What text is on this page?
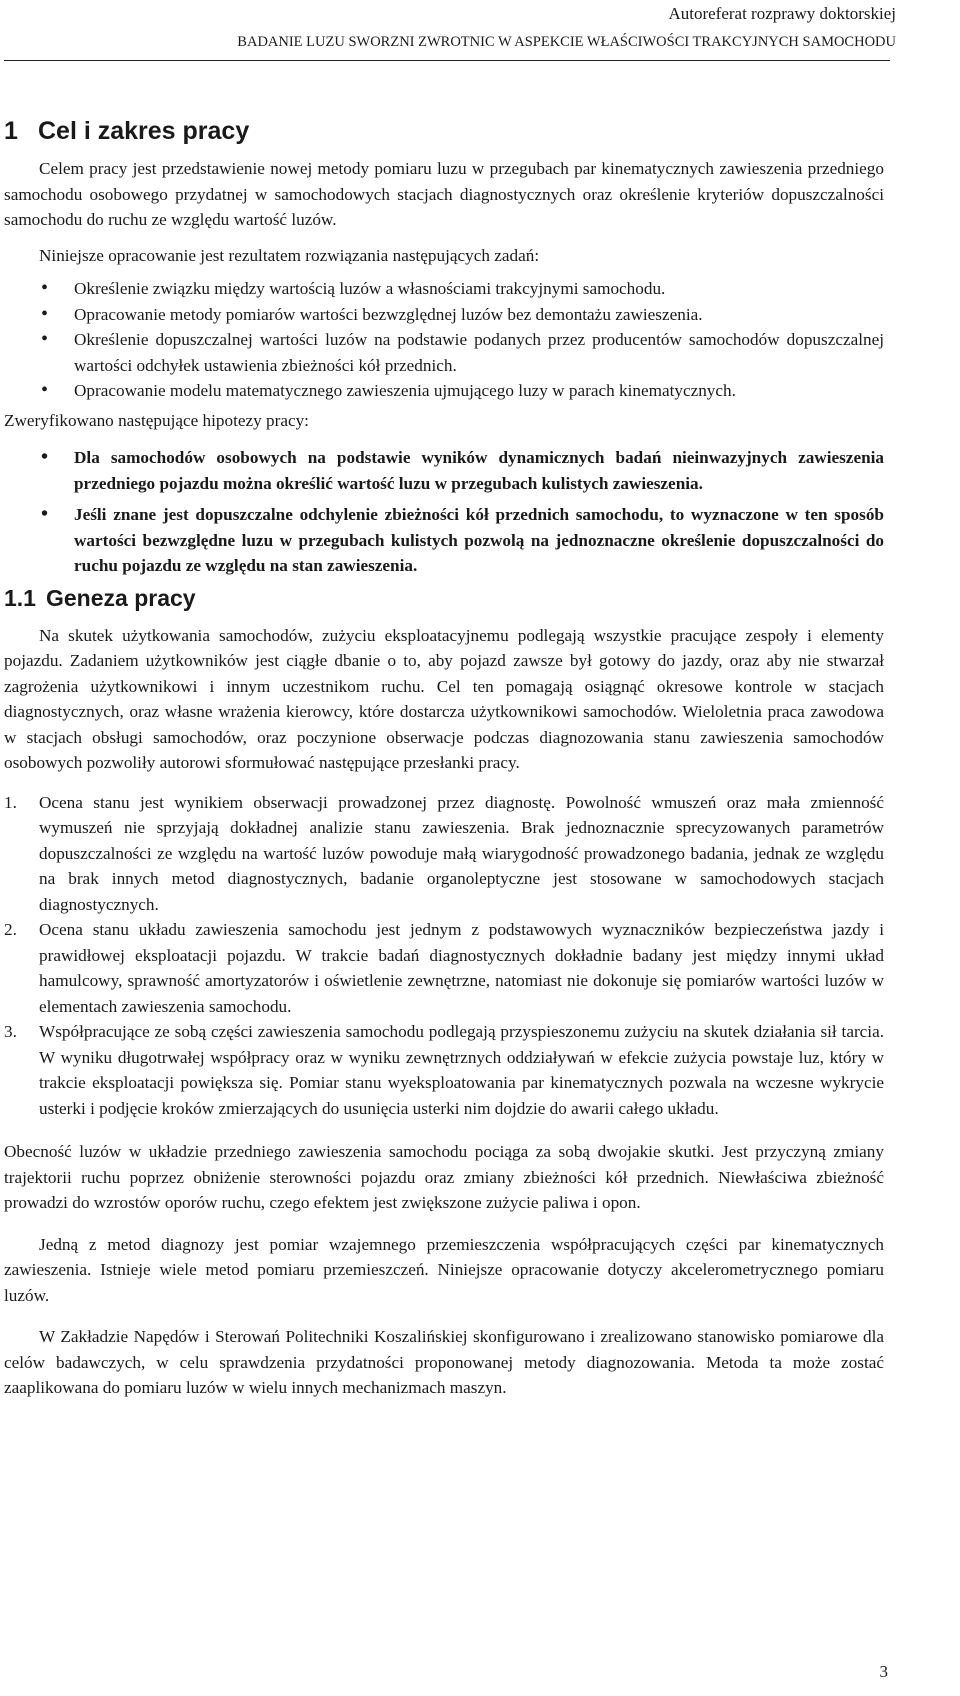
Autoreferat rozprawy doktorskiej
BADANIE LUZU SWORZNI ZWROTNIC W ASPEKCIE WŁAŚCIWOŚCI TRAKCYJNYCH SAMOCHODU
1 Cel i zakres pracy

Celem pracy jest przedstawienie nowej metody pomiaru luzu w przegubach par kinematycznych zawieszenia przedniego samochodu osobowego przydatnej w samochodowych stacjach diagnostycznych oraz określenie kryteriów dopuszczalności samochodu do ruchu ze względu wartość luzów.

Niniejsze opracowanie jest rezultatem rozwiązania następujących zadań:

• Określenie związku między wartością luzów a własnościami trakcyjnymi samochodu.
• Opracowanie metody pomiarów wartości bezwzględnej luzów bez demontażu zawieszenia.
• Określenie dopuszczalnej wartości luzów na podstawie podanych przez producentów samochodów dopuszczalnej wartości odchyłek ustawienia zbieżności kół przednich.
• Opracowanie modelu matematycznego zawieszenia ujmującego luzy w parach kinematycznych.

Zweryfikowano następujące hipotezy pracy:

• Dla samochodów osobowych na podstawie wyników dynamicznych badań nieinwazyjnych zawieszenia przedniego pojazdu można określić wartość luzu w przegubach kulistych zawieszenia.
• Jeśli znane jest dopuszczalne odchylenie zbieżności kół przednich samochodu, to wyznaczone w ten sposób wartości bezwzględne luzu w przegubach kulistych pozwolą na jednoznaczne określenie dopuszczalności do ruchu pojazdu ze względu na stan zawieszenia.
1.1 Geneza pracy

Na skutek użytkowania samochodów, zużyciu eksploatacyjnemu podlegają wszystkie pracujące zespoły i elementy pojazdu. Zadaniem użytkowników jest ciągłe dbanie o to, aby pojazd zawsze był gotowy do jazdy, oraz aby nie stwarzał zagrożenia użytkownikowi i innym uczestnikom ruchu. Cel ten pomagają osiągnąć okresowe kontrole w stacjach diagnostycznych, oraz własne wrażenia kierowcy, które dostarcza użytkownikowi samochodów. Wieloletnia praca zawodowa w stacjach obsługi samochodów, oraz poczynione obserwacje podczas diagnozowania stanu zawieszenia samochodów osobowych pozwoliły autorowi sformułować następujące przesłanki pracy.

1. Ocena stanu jest wynikiem obserwacji prowadzonej przez diagnostę. Powolność wmuszeń oraz mała zmienność wymuszeń nie sprzyjają dokładnej analizie stanu zawieszenia. Brak jednoznacznie sprecyzowanych parametrów dopuszczalności ze względu na wartość luzów powoduje małą wiarygodność prowadzonego badania, jednak ze względu na brak innych metod diagnostycznych, badanie organoleptyczne jest stosowane w samochodowych stacjach diagnostycznych.
2. Ocena stanu układu zawieszenia samochodu jest jednym z podstawowych wyznaczników bezpieczeństwa jazdy i prawidłowej eksploatacji pojazdu. W trakcie badań diagnostycznych dokładnie badany jest między innymi układ hamulcowy, sprawność amortyzatorów i oświetlenie zewnętrzne, natomiast nie dokonuje się pomiarów wartości luzów w elementach zawieszenia samochodu.
3. Współpracujące ze sobą części zawieszenia samochodu podlegają przyspieszonemu zużyciu na skutek działania sił tarcia. W wyniku długotrwałej współpracy oraz w wyniku zewnętrznych oddziaływań w efekcie zużycia powstaje luz, który w trakcie eksploatacji powiększa się. Pomiar stanu wyeksploatowania par kinematycznych pozwala na wczesne wykrycie usterki i podjęcie kroków zmierzających do usunięcia usterki nim dojdzie do awarii całego układu.

Obecność luzów w układzie przedniego zawieszenia samochodu pociąga za sobą dwojakie skutki. Jest przyczyną zmiany trajektorii ruchu poprzez obniżenie sterowności pojazdu oraz zmiany zbieżności kół przednich. Niewłaściwa zbieżność prowadzi do wzrostów oporów ruchu, czego efektem jest zwiększone zużycie paliwa i opon.

Jedną z metod diagnozy jest pomiar wzajemnego przemieszczenia współpracujących części par kinematycznych zawieszenia. Istnieje wiele metod pomiaru przemieszczeń. Niniejsze opracowanie dotyczy akcelerometrycznego pomiaru luzów.

W Zakładzie Napędów i Sterowań Politechniki Koszalińskiej skonfigurowano i zrealizowano stanowisko pomiarowe dla celów badawczych, w celu sprawdzenia przydatności proponowanej metody diagnozowania. Metoda ta może zostać zaaplikowana do pomiaru luzów w wielu innych mechanizmach maszyn.

3
